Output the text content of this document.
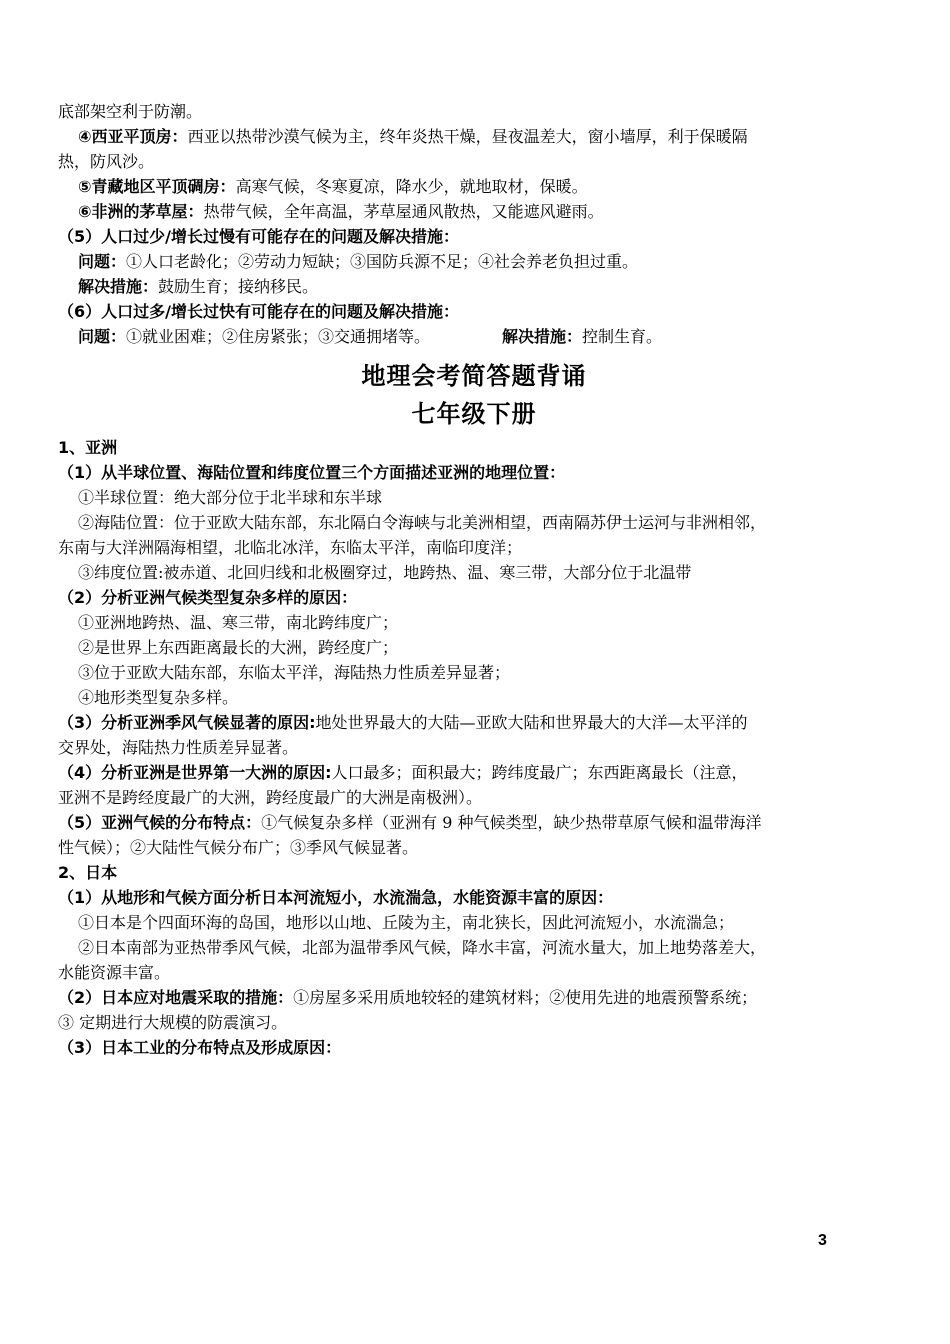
底部架空利于防潮。
④西亚平顶房：西亚以热带沙漠气候为主，终年炎热干燥，昼夜温差大，窗小墙厚，利于保暖隔
热，防风沙。
⑤青藏地区平顶碉房：高寒气候，冬寒夏凉，降水少，就地取材，保暖。
⑥非洲的茅草屋：热带气候，全年高温，茅草屋通风散热，又能遮风避雨。
（5）人口过少/增长过慢有可能存在的问题及解决措施：
问题：①人口老龄化；②劳动力短缺；③国防兵源不足；④社会养老负担过重。
解决措施：鼓励生育；接纳移民。
（6）人口过多/增长过快有可能存在的问题及解决措施：
问题：①就业困难；②住房紧张；③交通拥堵等。	解决措施：控制生育。
地理会考简答题背诵
七年级下册
1、亚洲
（1）从半球位置、海陆位置和纬度位置三个方面描述亚洲的地理位置：
①半球位置：绝大部分位于北半球和东半球
②海陆位置：位于亚欧大陆东部，东北隔白令海峡与北美洲相望，西南隔苏伊士运河与非洲相邻，
东南与大洋洲隔海相望，北临北冰洋，东临太平洋，南临印度洋；
③纬度位置:被赤道、北回归线和北极圈穿过，地跨热、温、寒三带，大部分位于北温带
（2）分析亚洲气候类型复杂多样的原因：
①亚洲地跨热、温、寒三带，南北跨纬度广；
②是世界上东西距离最长的大洲，跨经度广；
③位于亚欧大陆东部，东临太平洋，海陆热力性质差异显著；
④地形类型复杂多样。
（3）分析亚洲季风气候显著的原因:地处世界最大的大陆—亚欧大陆和世界最大的大洋—太平洋的
交界处，海陆热力性质差异显著。
（4）分析亚洲是世界第一大洲的原因:人口最多；面积最大；跨纬度最广；东西距离最长（注意，
亚洲不是跨经度最广的大洲，跨经度最广的大洲是南极洲）。
（5）亚洲气候的分布特点：①气候复杂多样（亚洲有 9 种气候类型，缺少热带草原气候和温带海洋
性气候）；②大陆性气候分布广；③季风气候显著。
2、日本
（1）从地形和气候方面分析日本河流短小，水流湍急，水能资源丰富的原因：
①日本是个四面环海的岛国，地形以山地、丘陵为主，南北狭长，因此河流短小，水流湍急；
②日本南部为亚热带季风气候，北部为温带季风气候，降水丰富，河流水量大，加上地势落差大，
水能资源丰富。
（2）日本应对地震采取的措施：①房屋多采用质地较轻的建筑材料；②使用先进的地震预警系统；
③ 定期进行大规模的防震演习。
（3）日本工业的分布特点及形成原因：
3
